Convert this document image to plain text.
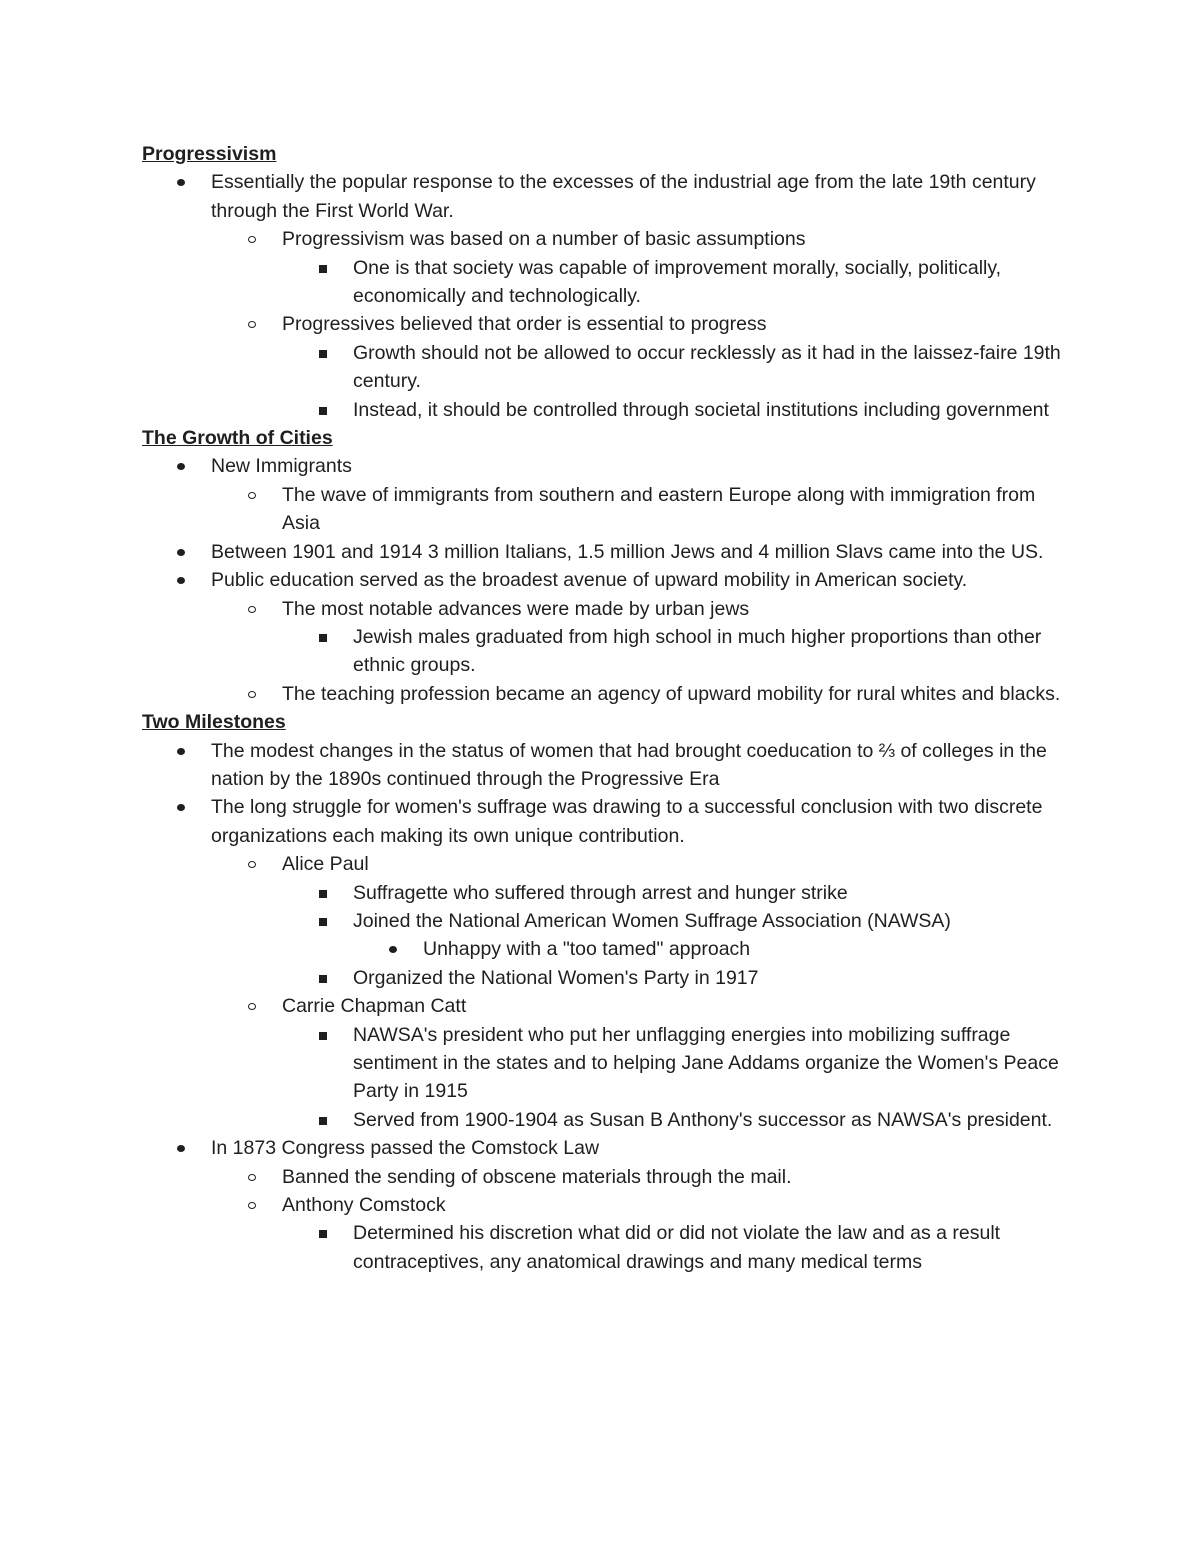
Progressivism
Essentially the popular response to the excesses of the industrial age from the late 19th century through the First World War.
Progressivism was based on a number of basic assumptions
One is that society was capable of improvement morally, socially, politically, economically and technologically.
Progressives believed that order is essential to progress
Growth should not be allowed to occur recklessly as it had in the laissez-faire 19th century.
Instead, it should be controlled through societal institutions including government
The Growth of Cities
New Immigrants
The wave of immigrants from southern and eastern Europe along with immigration from Asia
Between 1901 and 1914 3 million Italians, 1.5 million Jews and 4 million Slavs came into the US.
Public education served as the broadest avenue of upward mobility in American society.
The most notable advances were made by urban jews
Jewish males graduated from high school in much higher proportions than other ethnic groups.
The teaching profession became an agency of upward mobility for rural whites and blacks.
Two Milestones
The modest changes in the status of women that had brought coeducation to ⅔ of colleges in the nation by the 1890s continued through the Progressive Era
The long struggle for women's suffrage was drawing to a successful conclusion with two discrete organizations each making its own unique contribution.
Alice Paul
Suffragette who suffered through arrest and hunger strike
Joined the National American Women Suffrage Association (NAWSA)
Unhappy with a "too tamed" approach
Organized the National Women's Party in 1917
Carrie Chapman Catt
NAWSA's president who put her unflagging energies into mobilizing suffrage sentiment in the states and to helping Jane Addams organize the Women's Peace Party in 1915
Served from 1900-1904 as Susan B Anthony's successor as NAWSA's president.
In 1873 Congress passed the Comstock Law
Banned the sending of obscene materials through the mail.
Anthony Comstock
Determined his discretion what did or did not violate the law and as a result contraceptives, any anatomical drawings and many medical terms
